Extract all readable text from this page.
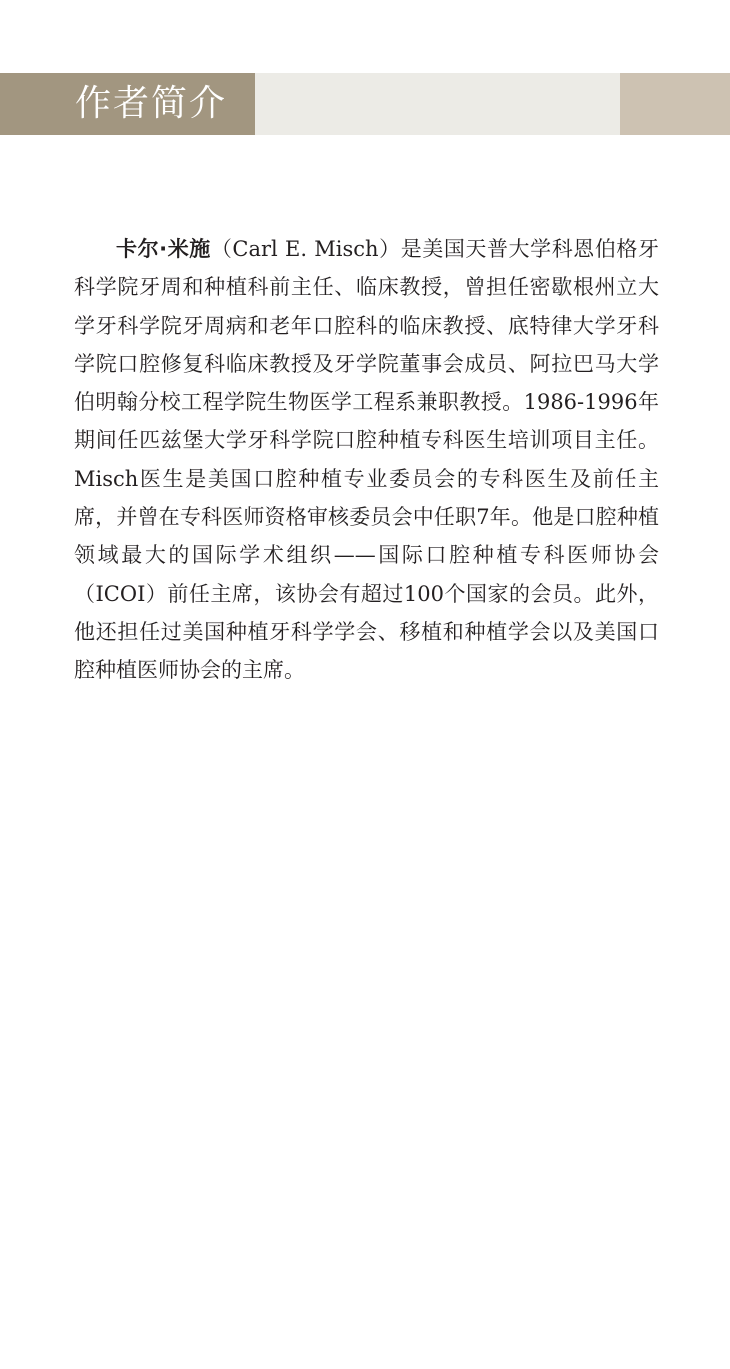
作者简介

卡尔·米施（Carl E. Misch）是美国天普大学科恩伯格牙科学院牙周和种植科前主任、临床教授，曾担任密歇根州立大学牙科学院牙周病和老年口腔科的临床教授、底特律大学牙科学院口腔修复科临床教授及牙学院董事会成员、阿拉巴马大学伯明翰分校工程学院生物医学工程系兼职教授。1986-1996年期间任匹兹堡大学牙科学院口腔种植专科医生培训项目主任。Misch医生是美国口腔种植专业委员会的专科医生及前任主席，并曾在专科医师资格审核委员会中任职7年。他是口腔种植领域最大的国际学术组织——国际口腔种植专科医师协会（ICOI）前任主席，该协会有超过100个国家的会员。此外，他还担任过美国种植牙科学学会、移植和种植学会以及美国口腔种植医师协会的主席。
